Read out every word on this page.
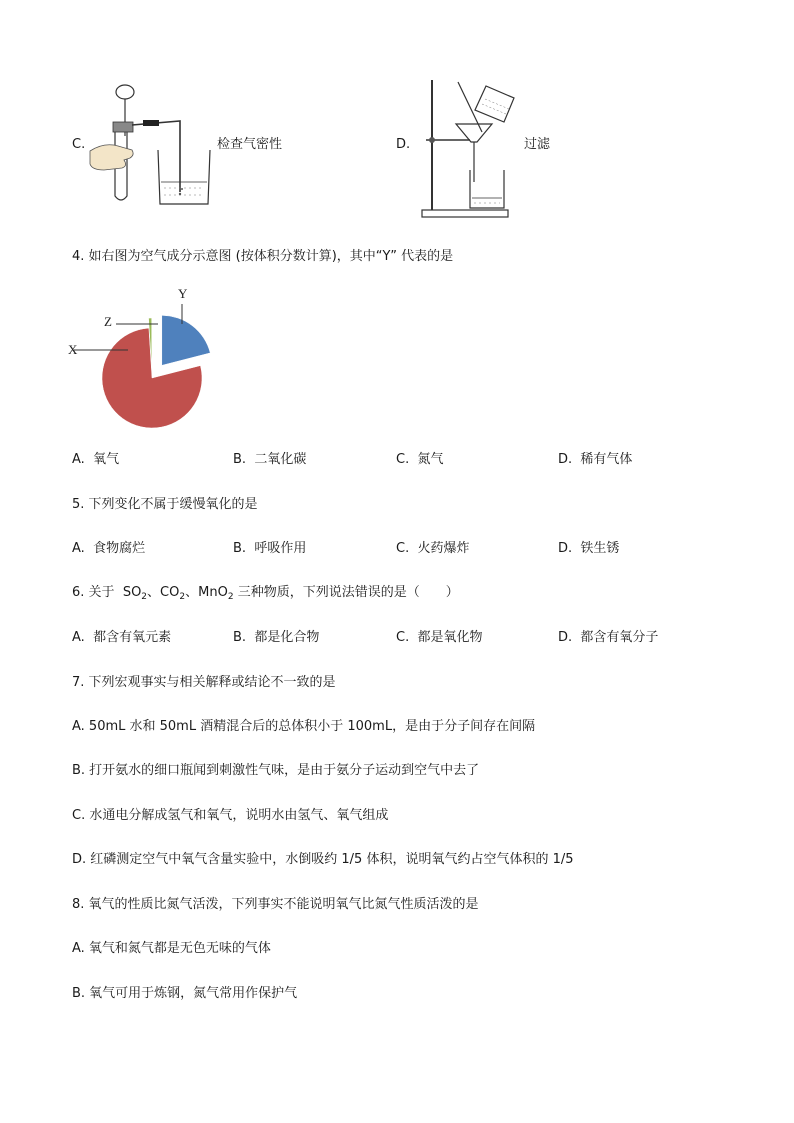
C.	检查气密性	D.	过滤
4. 如右图为空气成分示意图 (按体积分数计算)，其中“Y” 代表的是
Y
X
Z
A. 氧气	B. 二氧化碳	C. 氮气	D. 稀有气体
5. 下列变化不属于缓慢氧化的是
A. 食物腐烂	B. 呼吸作用	C. 火药爆炸	D. 铁生锈
6. 关于 $SO_2$、$CO_2$、MnO$_2$ 三种物质，下列说法错误的是（　　）
A. 都含有氧元素	B. 都是化合物	C. 都是氧化物	D. 都含有氧分子
7. 下列宏观事实与相关解释或结论不一致的是
A. 50mL 水和 50mL 酒精混合后的总体积小于 100mL，是由于分子间存在间隔
B. 打开氨水的细口瓶闻到刺激性气味，是由于氨分子运动到空气中去了
C. 水通电分解成氢气和氧气，说明水由氢气、氧气组成
D. 红磷测定空气中氧气含量实验中，水倒吸约 1/5 体积，说明氧气约占空气体积的 1/5
8. 氧气的性质比氮气活泼，下列事实不能说明氧气比氮气性质活泼的是
A. 氧气和氮气都是无色无味的气体
B. 氧气可用于炼钢，氮气常用作保护气
